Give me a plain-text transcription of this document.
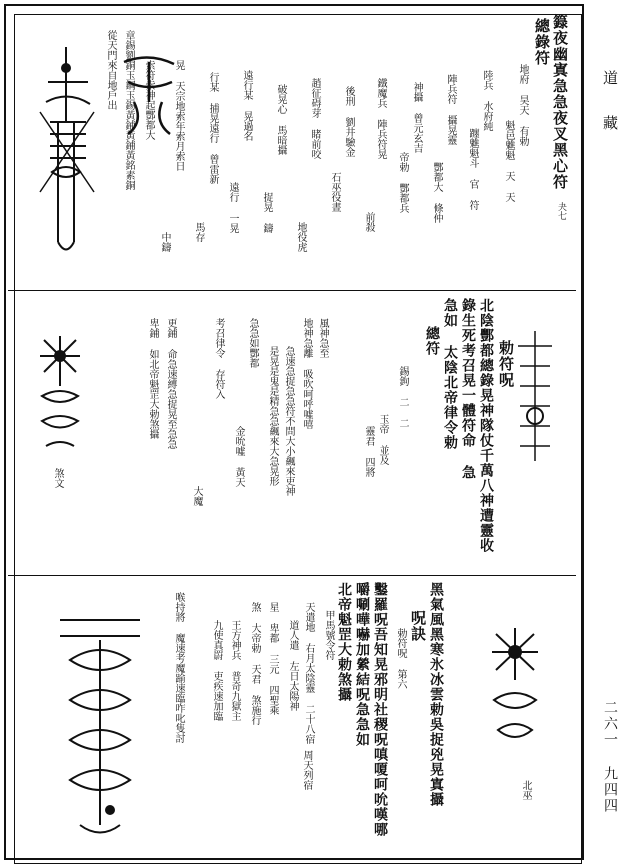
道 藏
二六一 九四四
籙夜幽寘急急夜叉黑心符
夬七
總錄符
地府 昊天 有勅
魁邑魋魁 天 天
陸兵 水府純
躔魋魁斗 官 符
陣兵符 攝晃靈
酆都大 條仲
神攝 曾元玄吉
帝勅 酆都兵
鐵魔兵 陣兵符晃
前殺
後刑 劉井驗金
石巫役晝
趙征碍芽 睹前咬
地役虎
破晃心 馬暗攝
捉晃 鑄
遠行某 晃過名
遠行 一晃
行某 捕晃遠行 曾雷新
馬存
晃 天宗地索年索月索日
中鑄
索符索神起酆都大
章錫劉銅玉鋼玉錫黃鋪黃鋪黃銘素銅
從天門來自地戶出
勅符呪
北陰酆都總錄晃神隊仗千萬八神遭靈收
錄生死考召晃一體符命 急
急如 太陰北帝律令勅
總符
錫鉤 二 二
玉帝 並及
靈君 四將
風神急至
地神急離 吸吹呵呼噓嘻
急速急捉急急符不問大小飆來吏神
是晃是鬼是精急急飆來大急晃形
急急如酆都
金吮噓 黃天
考召律令 存符入
大魔
更鋪 命急速縛急捉晃至急急
卑鋪 如北帝魁罡大勅煞攝
煞文
呪訣 黑氣風黑寒氷冰雲勅吳捉兇晃寘攝
勅符呪 第六
鑿羅呪吾知晃邪明社稷呪嗔嗄呵吮嘆哪
嚼唰嘩嚇加縈結呪急急如
北帝魁罡大勅煞攝
甲馬號令符
天遣地 右月太陰靈 二十八宿
道人遣 左日太陽神
周天列宿
星 卑都 三元 四聖乘
煞 大帝勅 天君 煞施行
王方神兵 普奇九獄主
九使真罻 吏疾速加臨
喉持將 魔速考魔踰速臨咋叱隻討
北巫
